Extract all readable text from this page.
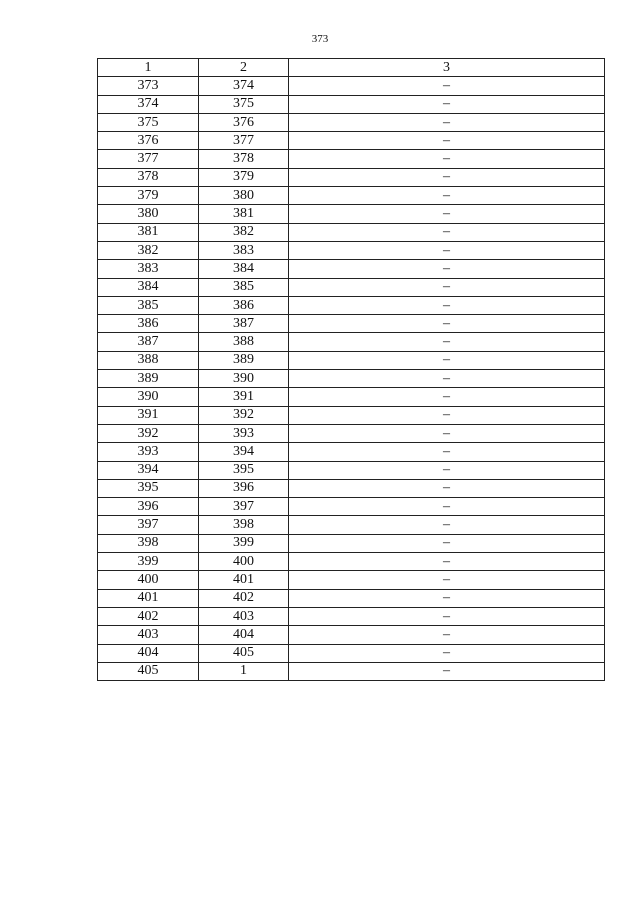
373
1	2	3
373	374	–
374	375	–
375	376	–
376	377	–
377	378	–
378	379	–
379	380	–
380	381	–
381	382	–
382	383	–
383	384	–
384	385	–
385	386	–
386	387	–
387	388	–
388	389	–
389	390	–
390	391	–
391	392	–
392	393	–
393	394	–
394	395	–
395	396	–
396	397	–
397	398	–
398	399	–
399	400	–
400	401	–
401	402	–
402	403	–
403	404	–
404	405	–
405	1	–
